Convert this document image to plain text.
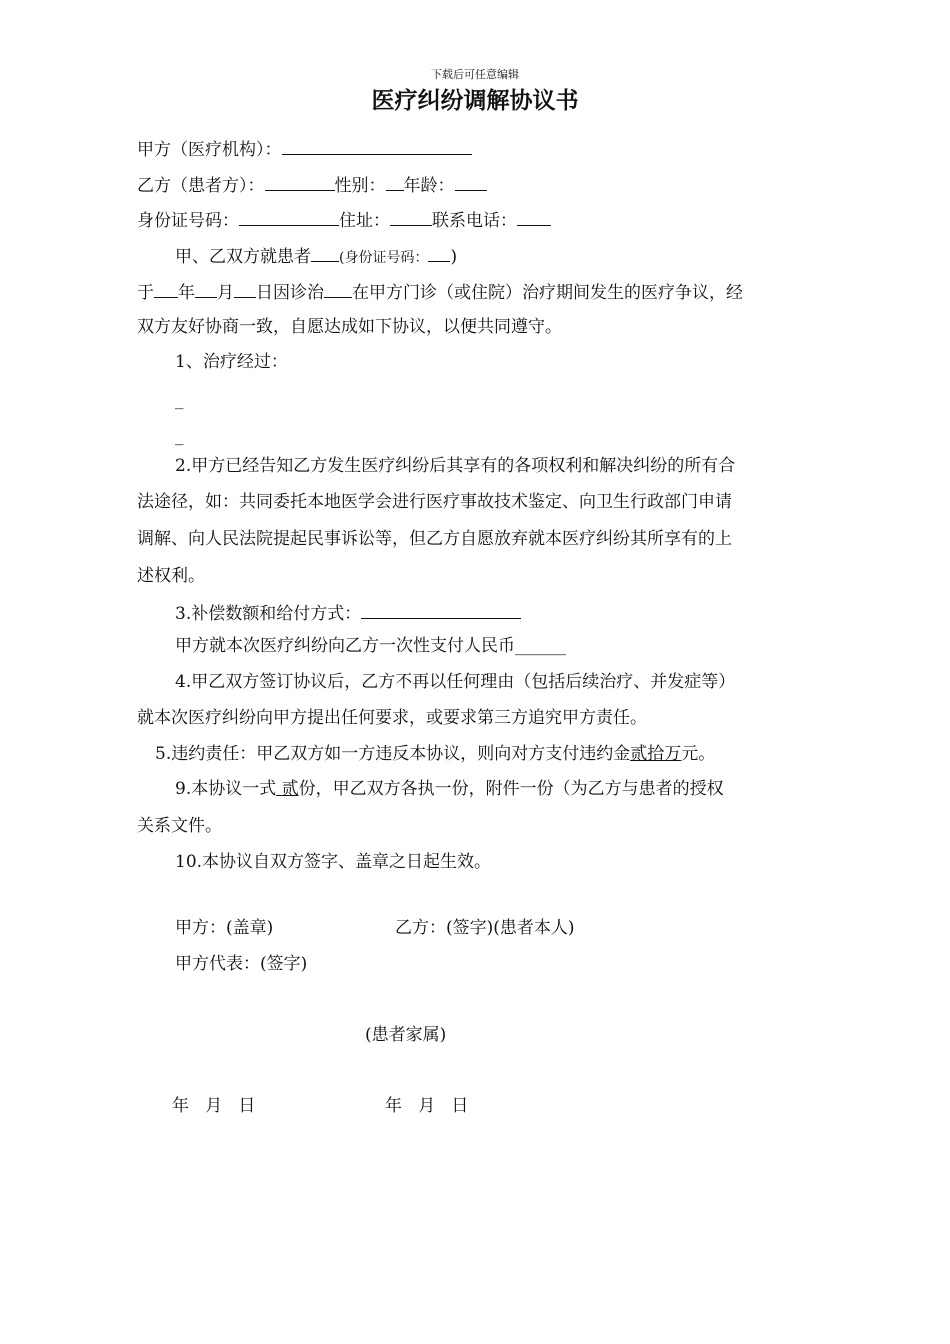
下载后可任意编辑
医疗纠纷调解协议书
甲方（医疗机构）：
乙方（患者方）：	性别： 年龄：
身份证号码：	住址： 联系电话：
甲、乙双方就患者 (身份证号码： )
于 年 月 日因诊治 在甲方门诊（或住院）治疗期间发生的医疗争议，经
双方友好协商一致，自愿达成如下协议，以便共同遵守。
1、治疗经过：
_
_
2.甲方已经告知乙方发生医疗纠纷后其享有的各项权利和解决纠纷的所有合
法途径，如：共同委托本地医学会进行医疗事故技术鉴定、向卫生行政部门申请
调解、向人民法院提起民事诉讼等，但乙方自愿放弃就本医疗纠纷其所享有的上
述权利。
3.补偿数额和给付方式：
甲方就本次医疗纠纷向乙方一次性支付人民币______
4.甲乙双方签订协议后，乙方不再以任何理由（包括后续治疗、并发症等）
就本次医疗纠纷向甲方提出任何要求，或要求第三方追究甲方责任。
5.违约责任：甲乙双方如一方违反本协议，则向对方支付违约金贰拾万元。
9.本协议一式 贰份，甲乙双方各执一份，附件一份（为乙方与患者的授权
关系文件。
10.本协议自双方签字、盖章之日起生效。
甲方：(盖章)	乙方：(签字)(患者本人)
甲方代表：(签字)
(患者家属)
年   月   日	年   月   日
